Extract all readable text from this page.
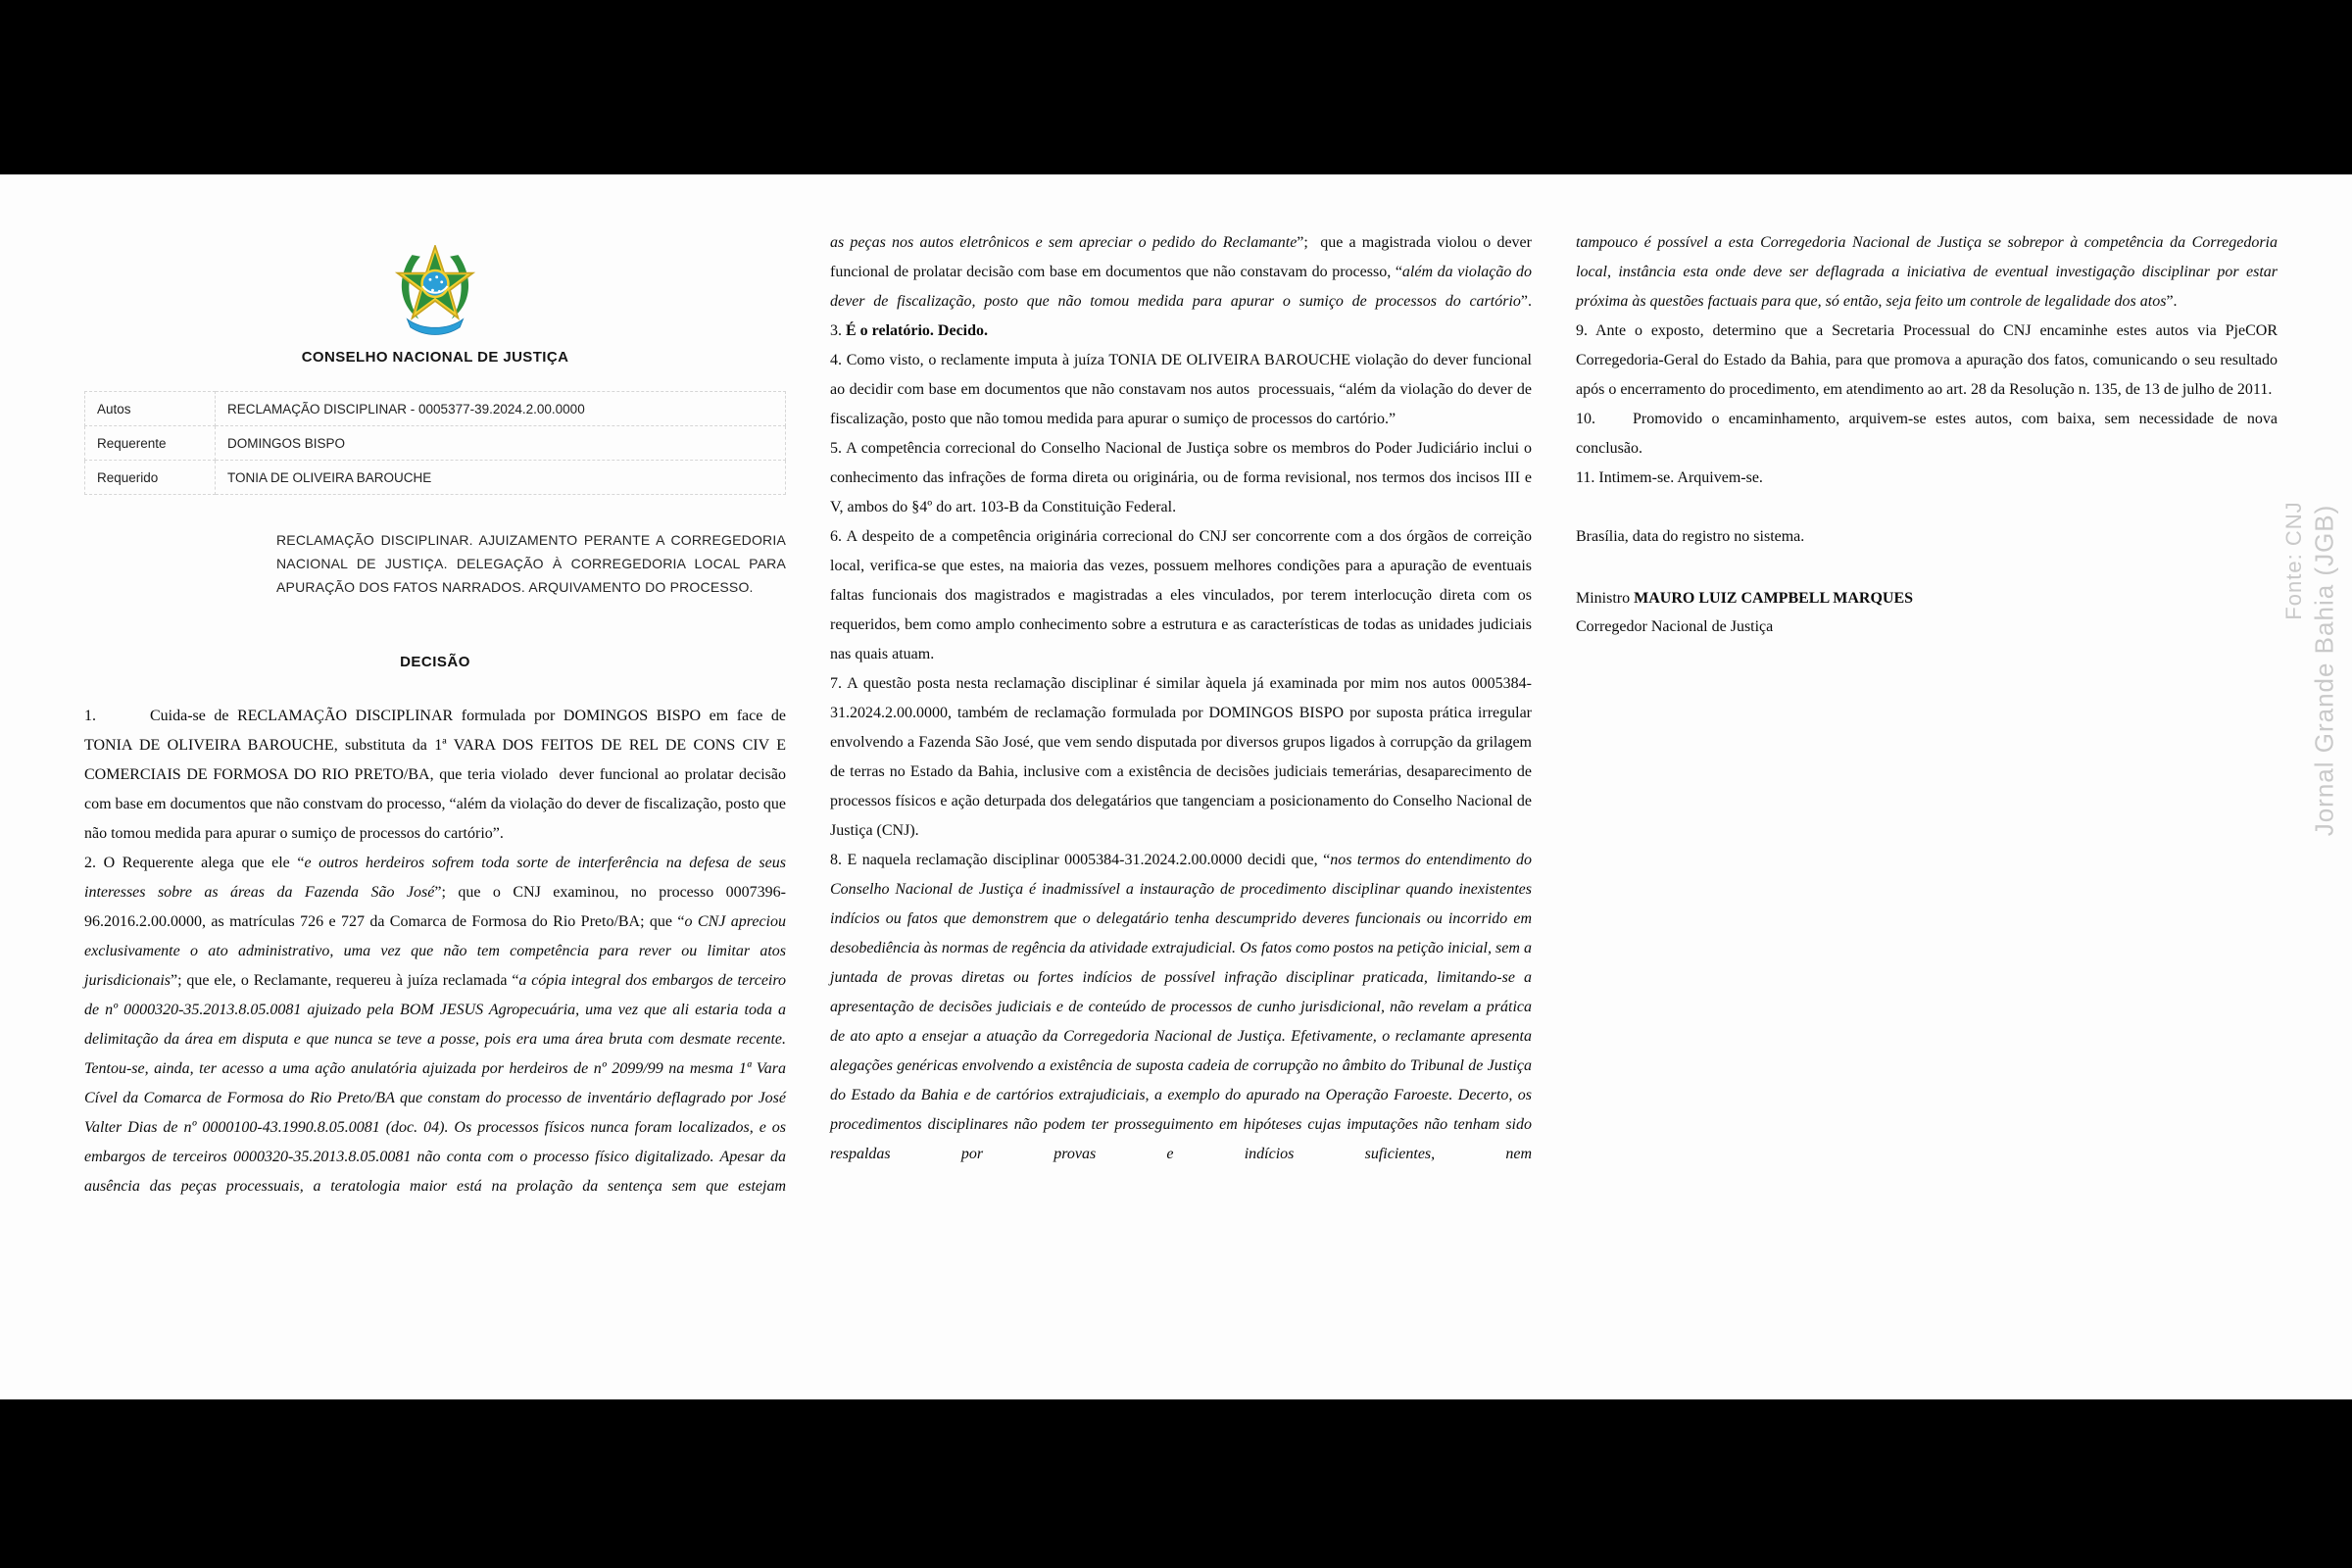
CONSELHO NACIONAL DE JUSTIÇA
Autos	RECLAMAÇÃO DISCIPLINAR - 0005377-39.2024.2.00.0000
Requerente	DOMINGOS BISPO
Requerido	TONIA DE OLIVEIRA BAROUCHE
RECLAMAÇÃO DISCIPLINAR. AJUIZAMENTO PERANTE A CORREGEDORIA NACIONAL DE JUSTIÇA. DELEGAÇÃO À CORREGEDORIA LOCAL PARA APURAÇÃO DOS FATOS NARRADOS. ARQUIVAMENTO DO PROCESSO.
DECISÃO

1.	Cuida-se de RECLAMAÇÃO DISCIPLINAR formulada por DOMINGOS BISPO em face de TONIA DE OLIVEIRA BAROUCHE, substituta da 1ª VARA DOS FEITOS DE REL DE CONS CIV E COMERCIAIS DE FORMOSA DO RIO PRETO/BA, que teria violado  dever funcional ao prolatar decisão com base em documentos que não constvam do processo, “além da violação do dever de fiscalização, posto que não tomou medida para apurar o sumiço de processos do cartório”.

2. O Requerente alega que ele “e outros herdeiros sofrem toda sorte de interferência na defesa de seus interesses sobre as áreas da Fazenda São José”; que o CNJ examinou, no processo 0007396-96.2016.2.00.0000, as matrículas 726 e 727 da Comarca de Formosa do Rio Preto/BA; que “o CNJ apreciou exclusivamente o ato administrativo, uma vez que não tem competência para rever ou limitar atos jurisdicionais”; que ele, o Reclamante, requereu à juíza reclamada “a cópia integral dos embargos de terceiro de nº 0000320-35.2013.8.05.0081 ajuizado pela BOM JESUS Agropecuária, uma vez que ali estaria toda a delimitação da área em disputa e que nunca se teve a posse, pois era uma área bruta com desmate recente. Tentou-se, ainda, ter acesso a uma ação anulatória ajuizada por herdeiros de nº 2099/99 na mesma 1ª Vara Cível da Comarca de Formosa do Rio Preto/BA que constam do processo de inventário deflagrado por José Valter Dias de nº 0000100-43.1990.8.05.0081 (doc. 04). Os processos físicos nunca foram localizados, e os embargos de terceiros 0000320-35.2013.8.05.0081 não conta com o processo físico digitalizado. Apesar da ausência das peças processuais, a teratologia maior está na prolação da sentença sem que estejam

as peças nos autos eletrônicos e sem apreciar o pedido do Reclamante”;  que a magistrada violou o dever funcional de prolatar decisão com base em documentos que não constavam do processo, “além da violação do dever de fiscalização, posto que não tomou medida para apurar o sumiço de processos do cartório”.

3. É o relatório. Decido.

4. Como visto, o reclamente imputa à juíza TONIA DE OLIVEIRA BAROUCHE violação do dever funcional ao decidir com base em documentos que não constavam nos autos  processuais, “além da violação do dever de fiscalização, posto que não tomou medida para apurar o sumiço de processos do cartório.”

5. A competência correcional do Conselho Nacional de Justiça sobre os membros do Poder Judiciário inclui o conhecimento das infrações de forma direta ou originária, ou de forma revisional, nos termos dos incisos III e V, ambos do §4º do art. 103-B da Constituição Federal.

6. A despeito de a competência originária correcional do CNJ ser concorrente com a dos órgãos de correição local, verifica-se que estes, na maioria das vezes, possuem melhores condições para a apuração de eventuais faltas funcionais dos magistrados e magistradas a eles vinculados, por terem interlocução direta com os requeridos, bem como amplo conhecimento sobre a estrutura e as características de todas as unidades judiciais nas quais atuam.

7. A questão posta nesta reclamação disciplinar é similar àquela já examinada por mim nos autos 0005384-31.2024.2.00.0000, também de reclamação formulada por DOMINGOS BISPO por suposta prática irregular envolvendo a Fazenda São José, que vem sendo disputada por diversos grupos ligados à corrupção da grilagem de terras no Estado da Bahia, inclusive com a existência de decisões judiciais temerárias, desaparecimento de processos físicos e ação deturpada dos delegatários que tangenciam a posicionamento do Conselho Nacional de Justiça (CNJ).

8. E naquela reclamação disciplinar 0005384-31.2024.2.00.0000 decidi que, “nos termos do entendimento do Conselho Nacional de Justiça é inadmissível a instauração de procedimento disciplinar quando inexistentes indícios ou fatos que demonstrem que o delegatário tenha descumprido deveres funcionais ou incorrido em desobediência às normas de regência da atividade extrajudicial. Os fatos como postos na petição inicial, sem a juntada de provas diretas ou fortes indícios de possível infração disciplinar praticada, limitando-se a apresentação de decisões judiciais e de conteúdo de processos de cunho jurisdicional, não revelam a prática de ato apto a ensejar a atuação da Corregedoria Nacional de Justiça. Efetivamente, o reclamante apresenta alegações genéricas envolvendo a existência de suposta cadeia de corrupção no âmbito do Tribunal de Justiça do Estado da Bahia e de cartórios extrajudiciais, a exemplo do apurado na Operação Faroeste. Decerto, os procedimentos disciplinares não podem ter prosseguimento em hipóteses cujas imputações não tenham sido respaldas por provas e indícios suficientes, nem

tampouco é possível a esta Corregedoria Nacional de Justiça se sobrepor à competência da Corregedoria local, instância esta onde deve ser deflagrada a iniciativa de eventual investigação disciplinar por estar próxima às questões factuais para que, só então, seja feito um controle de legalidade dos atos”.

9. Ante o exposto, determino que a Secretaria Processual do CNJ encaminhe estes autos via PjeCOR Corregedoria-Geral do Estado da Bahia, para que promova a apuração dos fatos, comunicando o seu resultado após o encerramento do procedimento, em atendimento ao art. 28 da Resolução n. 135, de 13 de julho de 2011.

10. Promovido o encaminhamento, arquivem-se estes autos, com baixa, sem necessidade de nova conclusão.

11. Intimem-se. Arquivem-se.

Brasília, data do registro no sistema.

Ministro MAURO LUIZ CAMPBELL MARQUES

Corregedor Nacional de Justiça

Fonte: CNJ Jornal Grande Bahia (JGB)
